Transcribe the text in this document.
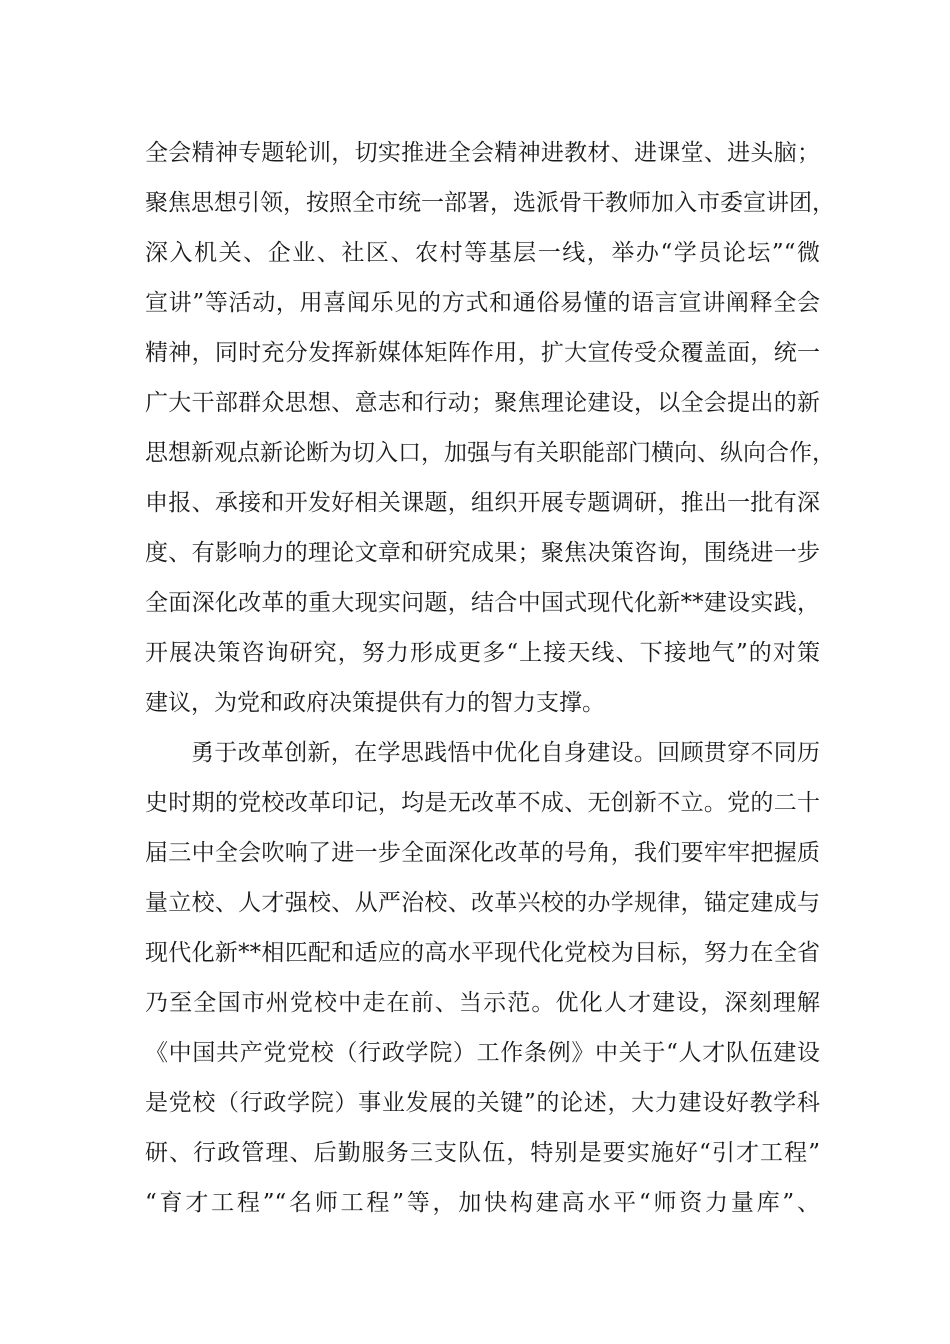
全会精神专题轮训，切实推进全会精神进教材、进课堂、进头脑；
聚焦思想引领，按照全市统一部署，选派骨干教师加入市委宣讲团，
深入机关、企业、社区、农村等基层一线，举办“学员论坛”“微
宣讲”等活动，用喜闻乐见的方式和通俗易懂的语言宣讲阐释全会
精神，同时充分发挥新媒体矩阵作用，扩大宣传受众覆盖面，统一
广大干部群众思想、意志和行动；聚焦理论建设，以全会提出的新
思想新观点新论断为切入口，加强与有关职能部门横向、纵向合作，
申报、承接和开发好相关课题，组织开展专题调研，推出一批有深
度、有影响力的理论文章和研究成果；聚焦决策咨询，围绕进一步
全面深化改革的重大现实问题，结合中国式现代化新**建设实践，
开展决策咨询研究，努力形成更多“上接天线、下接地气”的对策
建议，为党和政府决策提供有力的智力支撑。
勇于改革创新，在学思践悟中优化自身建设。回顾贯穿不同历
史时期的党校改革印记，均是无改革不成、无创新不立。党的二十
届三中全会吹响了进一步全面深化改革的号角，我们要牢牢把握质
量立校、人才强校、从严治校、改革兴校的办学规律，锚定建成与
现代化新**相匹配和适应的高水平现代化党校为目标，努力在全省
乃至全国市州党校中走在前、当示范。优化人才建设，深刻理解
《中国共产党党校（行政学院）工作条例》中关于“人才队伍建设
是党校（行政学院）事业发展的关键”的论述，大力建设好教学科
研、行政管理、后勤服务三支队伍，特别是要实施好“引才工程”
“育才工程”“名师工程”等，加快构建高水平“师资力量库”、
